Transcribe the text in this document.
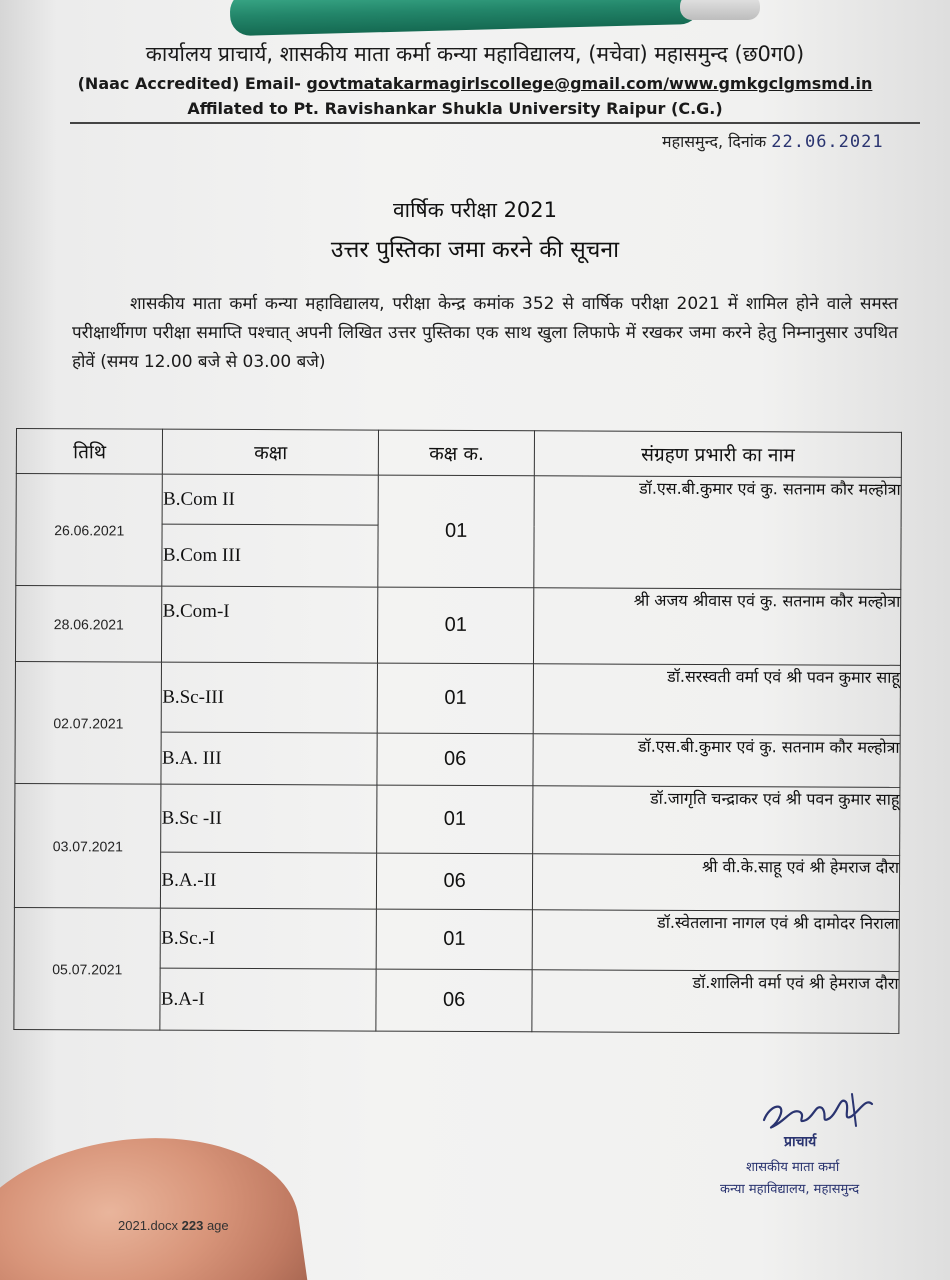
कार्यालय प्राचार्य, शासकीय माता कर्मा कन्या महाविद्यालय, (मचेवा) महासमुन्द (छ0ग0)
(Naac Accredited) Email- govtmatakarmagirlscollege@gmail.com/www.gmkgclgmsmd.in
Affilated to Pt. Ravishankar Shukla University Raipur (C.G.)
महासमुन्द, दिनांक 22.06.2021
वार्षिक परीक्षा 2021
उत्तर पुस्तिका जमा करने की सूचना
शासकीय माता कर्मा कन्या महाविद्यालय, परीक्षा केन्द्र कमांक 352 से वार्षिक परीक्षा 2021 में शामिल होने वाले समस्त परीक्षार्थीगण परीक्षा समाप्ति पश्चात् अपनी लिखित उत्तर पुस्तिका एक साथ खुला लिफाफे में रखकर जमा करने हेतु निम्नानुसार उपथित होवें (समय 12.00 बजे से 03.00 बजे)
तिथि	कक्षा	कक्ष क.	संग्रहण प्रभारी का नाम
26.06.2021	B.Com II	01	डॉ.एस.बी.कुमार एवं कु. सतनाम कौर मल्होत्रा
	B.Com III		
28.06.2021	B.Com-I	01	श्री अजय श्रीवास एवं कु. सतनाम कौर मल्होत्रा
02.07.2021	B.Sc-III	01	डॉ.सरस्वती वर्मा एवं श्री पवन कुमार साहू
	B.A. III	06	डॉ.एस.बी.कुमार एवं कु. सतनाम कौर मल्होत्रा
03.07.2021	B.Sc -II	01	डॉ.जागृति चन्द्राकर एवं श्री पवन कुमार साहू
	B.A.-II	06	श्री वी.के.साहू एवं श्री हेमराज दौरा
05.07.2021	B.Sc.-I	01	डॉ.स्वेतलाना नागल एवं श्री दामोदर निराला
	B.A-I	06	डॉ.शालिनी वर्मा एवं श्री हेमराज दौरा
प्राचार्य
शासकीय माता कर्मा
कन्या महाविद्यालय, महासमुन्द
2021.docx 223 age
